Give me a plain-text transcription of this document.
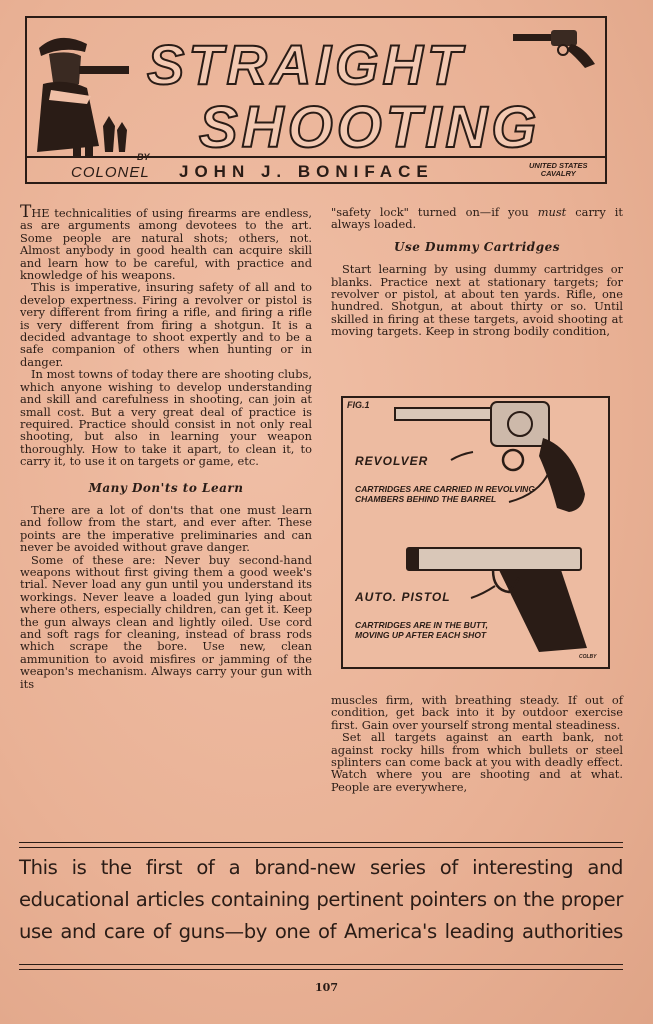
STRAIGHT
SHOOTING
BY
COLONEL JOHN J. BONIFACE	UNITED STATES
CAVALRY

THE technicalities of using firearms are endless, as are arguments among devotees to the art. Some people are natural shots; others, not. Almost anybody in good health can acquire skill and learn how to be careful, with practice and knowledge of his weapons.

This is imperative, insuring safety of all and to develop expertness. Firing a revolver or pistol is very different from firing a rifle, and firing a rifle is very different from firing a shotgun. It is a decided advantage to shoot expertly and to be a safe companion of others when hunting or in danger.

In most towns of today there are shooting clubs, which anyone wishing to develop understanding and skill and carefulness in shooting, can join at small cost. But a very great deal of practice is required. Practice should consist in not only real shooting, but also in learning your weapon thoroughly. How to take it apart, to clean it, to carry it, to use it on targets or game, etc.

Many Don'ts to Learn

There are a lot of don'ts that one must learn and follow from the start, and ever after. These points are the imperative preliminaries and can never be avoided without grave danger.

Some of these are: Never buy second-hand weapons without first giving them a good week's trial. Never load any gun until you understand its workings. Never leave a loaded gun lying about where others, especially children, can get it. Keep the gun always clean and lightly oiled. Use cord and soft rags for cleaning, instead of brass rods which scrape the bore. Use new, clean ammunition to avoid misfires or jamming of the weapon's mechanism. Always carry your gun with its

"safety lock" turned on—if you must carry it always loaded.

Use Dummy Cartridges

Start learning by using dummy cartridges or blanks. Practice next at stationary targets; for revolver or pistol, at about ten yards. Rifle, one hundred. Shotgun, at about thirty or so. Until skilled in firing at these targets, avoid shooting at moving targets. Keep in strong bodily condition,

FIG.1
REVOLVER
CARTRIDGES ARE CARRIED IN REVOLVING CHAMBERS BEHIND THE BARREL
AUTO. PISTOL
CARTRIDGES ARE IN THE BUTT, MOVING UP AFTER EACH SHOT
COLBY

muscles firm, with breathing steady. If out of condition, get back into it by outdoor exercise first. Gain over yourself strong mental steadiness.

Set all targets against an earth bank, not against rocky hills from which bullets or steel splinters can come back at you with deadly effect. Watch where you are shooting and at what. People are everywhere,

This is the first of a brand-new series of interesting and educational articles containing pertinent pointers on the proper use and care of guns—by one of America's leading authorities
107
